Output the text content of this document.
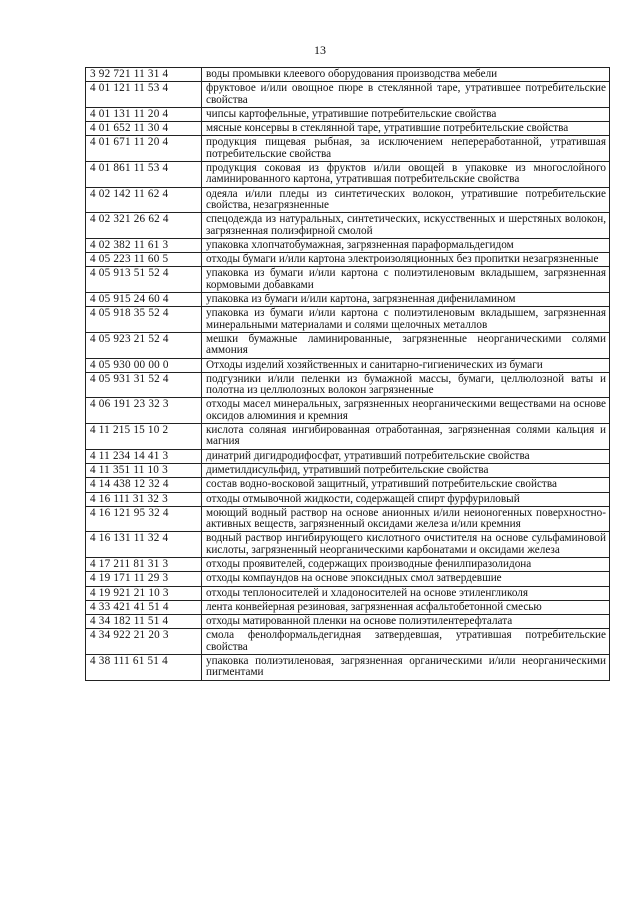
13
3 92 721 11 31 4	воды промывки клеевого оборудования производства мебели
4 01 121 11 53 4	фруктовое и/или овощное пюре в стеклянной таре, утратившее потребительские свойства
4 01 131 11 20 4	чипсы картофельные, утратившие потребительские свойства
4 01 652 11 30 4	мясные консервы в стеклянной таре, утратившие потребительские свойства
4 01 671 11 20 4	продукция пищевая рыбная, за исключением непереработанной, утратившая потребительские свойства
4 01 861 11 53 4	продукция соковая из фруктов и/или овощей в упаковке из многослойного ламинированного картона, утратившая потребительские свойства
4 02 142 11 62 4	одеяла и/или пледы из синтетических волокон, утратившие потребительские свойства, незагрязненные
4 02 321 26 62 4	спецодежда из натуральных, синтетических, искусственных и шерстяных волокон, загрязненная полиэфирной смолой
4 02 382 11 61 3	упаковка хлопчатобумажная, загрязненная параформальдегидом
4 05 223 11 60 5	отходы бумаги и/или картона электроизоляционных без пропитки незагрязненные
4 05 913 51 52 4	упаковка из бумаги и/или картона с полиэтиленовым вкладышем, загрязненная кормовыми добавками
4 05 915 24 60 4	упаковка из бумаги и/или картона, загрязненная дифениламином
4 05 918 35 52 4	упаковка из бумаги и/или картона с полиэтиленовым вкладышем, загрязненная минеральными материалами и солями щелочных металлов
4 05 923 21 52 4	мешки бумажные ламинированные, загрязненные неорганическими солями аммония
4 05 930 00 00 0	Отходы изделий хозяйственных и санитарно-гигиенических из бумаги
4 05 931 31 52 4	подгузники и/или пеленки из бумажной массы, бумаги, целлюлозной ваты и полотна из целлюлозных волокон загрязненные
4 06 191 23 32 3	отходы масел минеральных, загрязненных неорганическими веществами на основе оксидов алюминия и кремния
4 11 215 15 10 2	кислота соляная ингибированная отработанная, загрязненная солями кальция и магния
4 11 234 14 41 3	динатрий дигидродифосфат, утративший потребительские свойства
4 11 351 11 10 3	диметилдисульфид, утративший потребительские свойства
4 14 438 12 32 4	состав водно-восковой защитный, утративший потребительские свойства
4 16 111 31 32 3	отходы отмывочной жидкости, содержащей спирт фурфуриловый
4 16 121 95 32 4	моющий водный раствор на основе анионных и/или неионогенных поверхностно-активных веществ, загрязненный оксидами железа и/или кремния
4 16 131 11 32 4	водный раствор ингибирующего кислотного очистителя на основе сульфаминовой кислоты, загрязненный неорганическими карбонатами и оксидами железа
4 17 211 81 31 3	отходы проявителей, содержащих производные фенилпиразолидона
4 19 171 11 29 3	отходы компаундов на основе эпоксидных смол затвердевшие
4 19 921 21 10 3	отходы теплоносителей и хладоносителей на основе этиленгликоля
4 33 421 41 51 4	лента конвейерная резиновая, загрязненная асфальтобетонной смесью
4 34 182 11 51 4	отходы матированной пленки на основе полиэтилентерефталата
4 34 922 21 20 3	смола фенолформальдегидная затвердевшая, утратившая потребительские свойства
4 38 111 61 51 4	упаковка полиэтиленовая, загрязненная органическими и/или неорганическими пигментами
